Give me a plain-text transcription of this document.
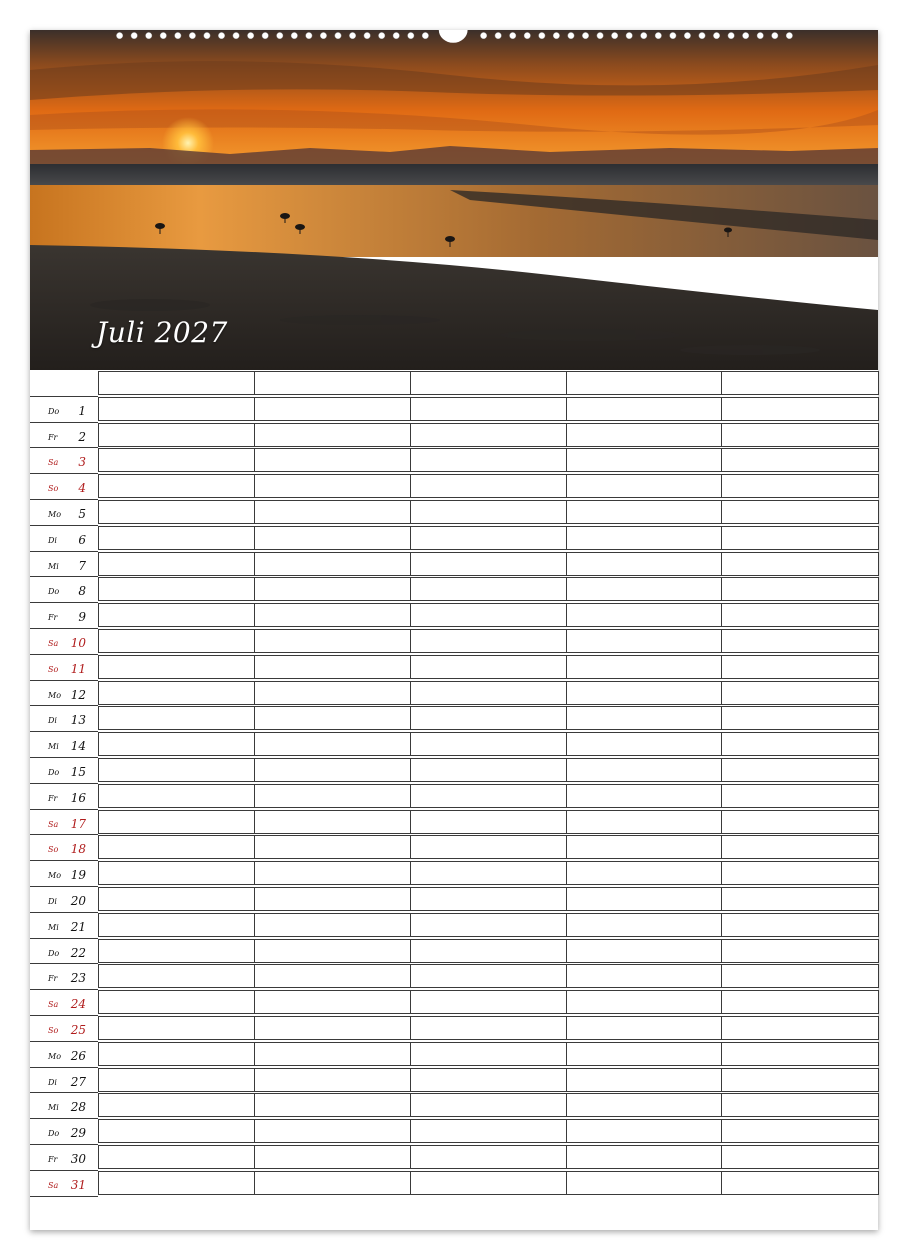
Juli 2027
Do 1
Fr 2
Sa 3
So 4
Mo 5
Di 6
Mi 7
Do 8
Fr 9
Sa 10
So 11
Mo 12
Di 13
Mi 14
Do 15
Fr 16
Sa 17
So 18
Mo 19
Di 20
Mi 21
Do 22
Fr 23
Sa 24
So 25
Mo 26
Di 27
Mi 28
Do 29
Fr 30
Sa 31
